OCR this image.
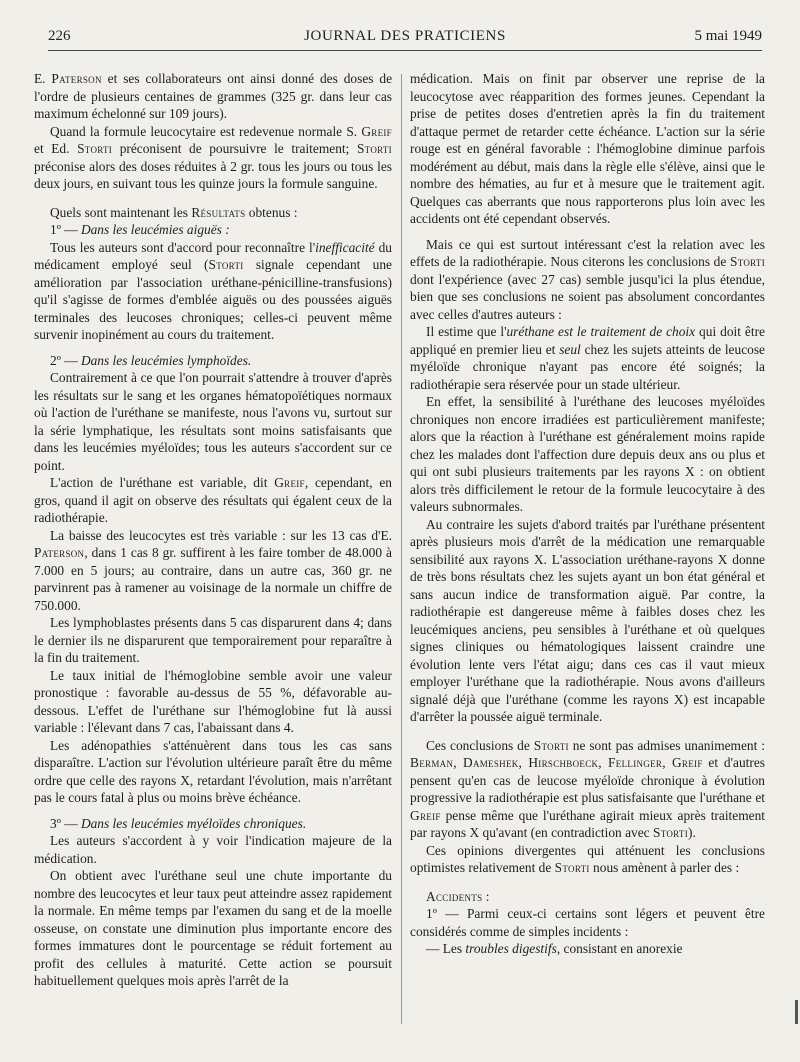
226	JOURNAL DES PRATICIENS	5 mai 1949

E. Paterson et ses collaborateurs ont ainsi donné des doses de l'ordre de plusieurs centaines de grammes (325 gr. dans leur cas maximum échelonné sur 109 jours).

Quand la formule leucocytaire est redevenue normale S. Greif et Ed. Storti préconisent de poursuivre le traitement; Storti préconise alors des doses réduites à 2 gr. tous les jours ou tous les deux jours, en suivant tous les quinze jours la formule sanguine.

Quels sont maintenant les Résultats obtenus :

1º — Dans les leucémies aiguës :

Tous les auteurs sont d'accord pour reconnaître l'inefficacité du médicament employé seul (Storti signale cependant une amélioration par l'association uréthane-pénicilline-transfusions) qu'il s'agisse de formes d'emblée aiguës ou des poussées aiguës terminales des leucoses chroniques; celles-ci peuvent même survenir inopinément au cours du traitement.

2º — Dans les leucémies lymphoïdes.

Contrairement à ce que l'on pourrait s'attendre à trouver d'après les résultats sur le sang et les organes hématopoïétiques normaux où l'action de l'uréthane se manifeste, nous l'avons vu, surtout sur la série lymphatique, les résultats sont moins satisfaisants que dans les leucémies myéloïdes; tous les auteurs s'accordent sur ce point.

L'action de l'uréthane est variable, dit Greif, cependant, en gros, quand il agit on observe des résultats qui égalent ceux de la radiothérapie.

La baisse des leucocytes est très variable : sur les 13 cas d'E. Paterson, dans 1 cas 8 gr. suffirent à les faire tomber de 48.000 à 7.000 en 5 jours; au contraire, dans un autre cas, 360 gr. ne parvinrent pas à ramener au voisinage de la normale un chiffre de 750.000.

Les lymphoblastes présents dans 5 cas disparurent dans 4; dans le dernier ils ne disparurent que temporairement pour reparaître à la fin du traitement.

Le taux initial de l'hémoglobine semble avoir une valeur pronostique : favorable au-dessus de 55 %, défavorable au-dessous. L'effet de l'uréthane sur l'hémoglobine fut là aussi variable : l'élevant dans 7 cas, l'abaissant dans 4.

Les adénopathies s'atténuèrent dans tous les cas sans disparaître. L'action sur l'évolution ultérieure paraît être du même ordre que celle des rayons X, retardant l'évolution, mais n'arrêtant pas le cours fatal à plus ou moins brève échéance.

3º — Dans les leucémies myéloïdes chroniques.

Les auteurs s'accordent à y voir l'indication majeure de la médication.

On obtient avec l'uréthane seul une chute importante du nombre des leucocytes et leur taux peut atteindre assez rapidement la normale. En même temps par l'examen du sang et de la moelle osseuse, on constate une diminution plus importante encore des formes immatures dont le pourcentage se réduit fortement au profit des cellules à maturité. Cette action se poursuit habituellement quelques mois après l'arrêt de la

médication. Mais on finit par observer une reprise de la leucocytose avec réapparition des formes jeunes. Cependant la prise de petites doses d'entretien après la fin du traitement d'attaque permet de retarder cette échéance. L'action sur la série rouge est en général favorable : l'hémoglobine diminue parfois modérément au début, mais dans la règle elle s'élève, ainsi que le nombre des hématies, au fur et à mesure que le traitement agit. Quelques cas aberrants que nous rapporterons plus loin avec les accidents ont été cependant observés.

Mais ce qui est surtout intéressant c'est la relation avec les effets de la radiothérapie. Nous citerons les conclusions de Storti dont l'expérience (avec 27 cas) semble jusqu'ici la plus étendue, bien que ses conclusions ne soient pas absolument concordantes avec celles d'autres auteurs :

Il estime que l'uréthane est le traitement de choix qui doit être appliqué en premier lieu et seul chez les sujets atteints de leucose myéloïde chronique n'ayant pas encore été soignés; la radiothérapie sera réservée pour un stade ultérieur.

En effet, la sensibilité à l'uréthane des leucoses myéloïdes chroniques non encore irradiées est particulièrement manifeste; alors que la réaction à l'uréthane est généralement moins rapide chez les malades dont l'affection dure depuis deux ans ou plus et qui ont subi plusieurs traitements par les rayons X : on obtient alors très difficilement le retour de la formule leucocytaire à des valeurs subnormales.

Au contraire les sujets d'abord traités par l'uréthane présentent après plusieurs mois d'arrêt de la médication une remarquable sensibilité aux rayons X. L'association uréthane-rayons X donne de très bons résultats chez les sujets ayant un bon état général et sans aucun indice de transformation aiguë. Par contre, la radiothérapie est dangereuse même à faibles doses chez les leucémiques anciens, peu sensibles à l'uréthane et où quelques signes cliniques ou hématologiques laissent craindre une évolution lente vers l'état aigu; dans ces cas il vaut mieux employer l'uréthane que la radiothérapie. Nous avons d'ailleurs signalé déjà que l'uréthane (comme les rayons X) est incapable d'arrêter la poussée aiguë terminale.

Ces conclusions de Storti ne sont pas admises unanimement : Berman, Dameshek, Hirschboeck, Fellinger, Greif et d'autres pensent qu'en cas de leucose myéloïde chronique à évolution progressive la radiothérapie est plus satisfaisante que l'uréthane et Greif pense même que l'uréthane agirait mieux après traitement par rayons X qu'avant (en contradiction avec Storti).

Ces opinions divergentes qui atténuent les conclusions optimistes relativement de Storti nous amènent à parler des :

Accidents :

1º — Parmi ceux-ci certains sont légers et peuvent être considérés comme de simples incidents :

— Les troubles digestifs, consistant en anorexie
